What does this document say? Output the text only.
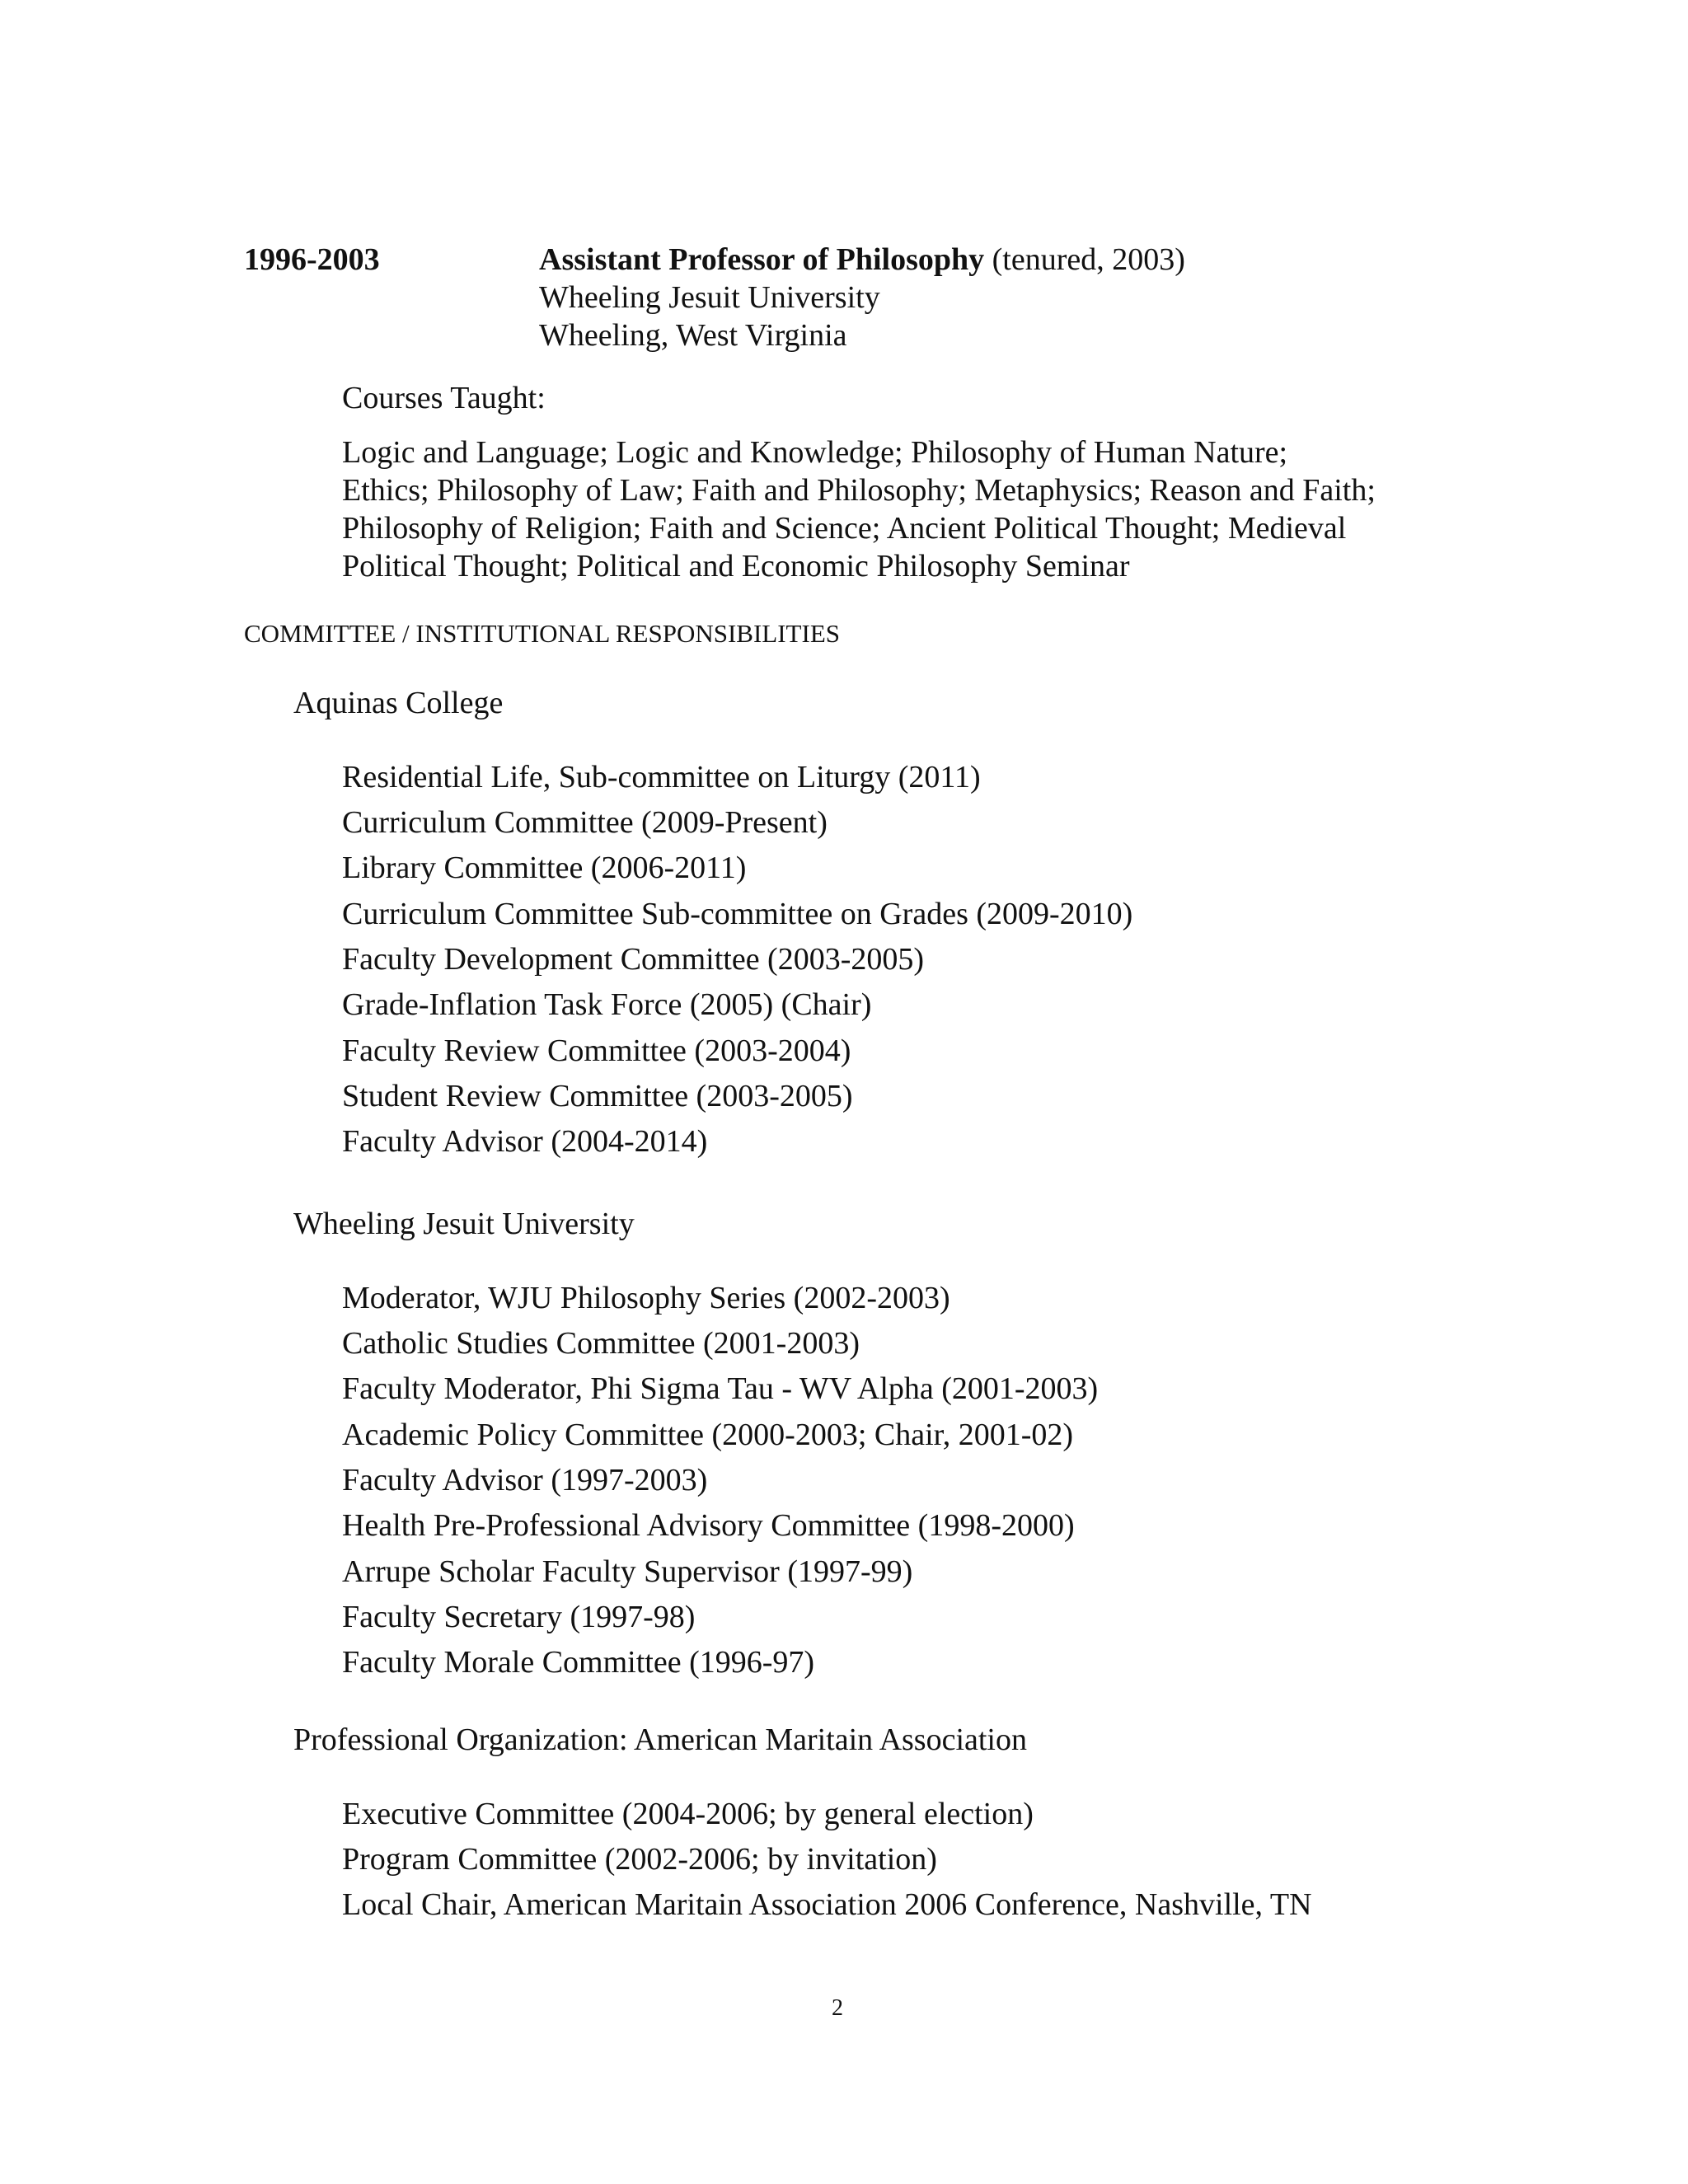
1996-2003	Assistant Professor of Philosophy (tenured, 2003)
Wheeling Jesuit University
Wheeling, West Virginia
Courses Taught:
Logic and Language; Logic and Knowledge; Philosophy of Human Nature;
Ethics; Philosophy of Law; Faith and Philosophy; Metaphysics; Reason and Faith;
Philosophy of Religion; Faith and Science; Ancient Political Thought; Medieval
Political Thought; Political and Economic Philosophy Seminar
COMMITTEE / INSTITUTIONAL RESPONSIBILITIES
Aquinas College
Residential Life, Sub-committee on Liturgy (2011)
Curriculum Committee (2009-Present)
Library Committee (2006-2011)
Curriculum Committee Sub-committee on Grades (2009-2010)
Faculty Development Committee (2003-2005)
Grade-Inflation Task Force (2005) (Chair)
Faculty Review Committee (2003-2004)
Student Review Committee (2003-2005)
Faculty Advisor (2004-2014)
Wheeling Jesuit University
Moderator, WJU Philosophy Series (2002-2003)
Catholic Studies Committee (2001-2003)
Faculty Moderator, Phi Sigma Tau - WV Alpha (2001-2003)
Academic Policy Committee (2000-2003; Chair, 2001-02)
Faculty Advisor (1997-2003)
Health Pre-Professional Advisory Committee (1998-2000)
Arrupe Scholar Faculty Supervisor (1997-99)
Faculty Secretary (1997-98)
Faculty Morale Committee (1996-97)
Professional Organization: American Maritain Association
Executive Committee (2004-2006; by general election)
Program Committee (2002-2006; by invitation)
Local Chair, American Maritain Association 2006 Conference, Nashville, TN
2
